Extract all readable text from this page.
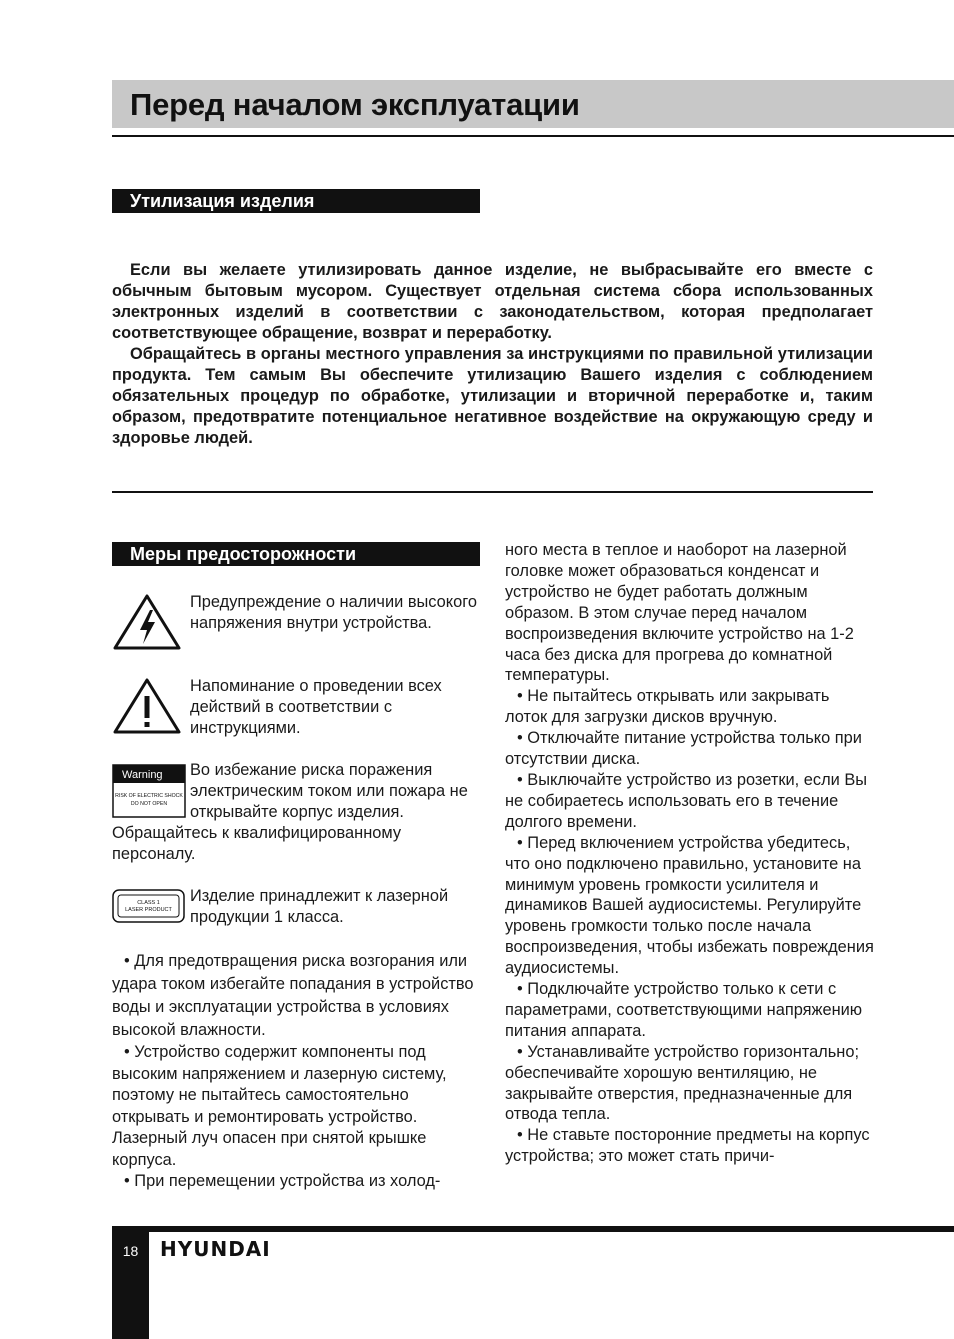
Перед началом эксплуатации
Утилизация изделия

Если вы желаете утилизировать данное изделие, не выбрасывайте его вместе с обычным бытовым мусором. Существует отдельная система сбора использованных электронных изделий в соответствии с законодательством, которая предполагает соответствующее обращение, возврат и переработку.

Обращайтесь в органы местного управления за инструкциями по правильной утилизации продукта. Тем самым Вы обеспечите утилизацию Вашего изделия с соблюдением обязательных процедур по обработке, утилизации и вторичной переработке и, таким образом, предотвратите потенциальное негативное воздействие на окружающую среду и здоровье людей.

Меры предосторожности
Предупреждение о наличии высокого напряжения внутри устройства.
Напоминание о проведении всех действий в соответствии с инструкциями.
Warning
RISK OF ELECTRIC SHOCK
DO NOT OPEN
Во избежание риска поражения электрическим током или пожара не открывайте корпус изделия.
Обращайтесь к квалифицированному персоналу.
CLASS 1
LASER PRODUCT
Изделие принадлежит к лазерной продукции 1 класса.

• Для предотвращения риска возгорания или удара током избегайте попадания в устройство воды и эксплуатации устройства в условиях высокой влажности.

• Устройство содержит компоненты под высоким напряжением и лазерную систему, поэтому не пытайтесь самостоятельно открывать и ремонтировать устройство. Лазерный луч опасен при снятой крышке корпуса.

• При перемещении устройства из холод-

ного места в теплое и наоборот на лазерной головке может образоваться конденсат и устройство не будет работать должным образом. В этом случае перед началом воспроизведения включите устройство на 1-2 часа без диска для прогрева до комнатной температуры.

• Не пытайтесь открывать или закрывать лоток для загрузки дисков вручную.

• Отключайте питание устройства только при отсутствии диска.

• Выключайте устройство из розетки, если Вы не собираетесь использовать его в течение долгого времени.

• Перед включением устройства убедитесь, что оно подключено правильно, установите на минимум уровень громкости усилителя и динамиков Вашей аудиосистемы. Регулируйте уровень громкости только после начала воспроизведения, чтобы избежать повреждения аудиосистемы.

• Подключайте устройство только к сети с параметрами, соответствующими напряжению питания аппарата.

• Устанавливайте устройство горизонтально; обеспечивайте хорошую вентиляцию, не закрывайте отверстия, предназначенные для отвода тепла.

• Не ставьте посторонние предметы на корпус устройства; это может стать причи-

18	HYUNDAI
